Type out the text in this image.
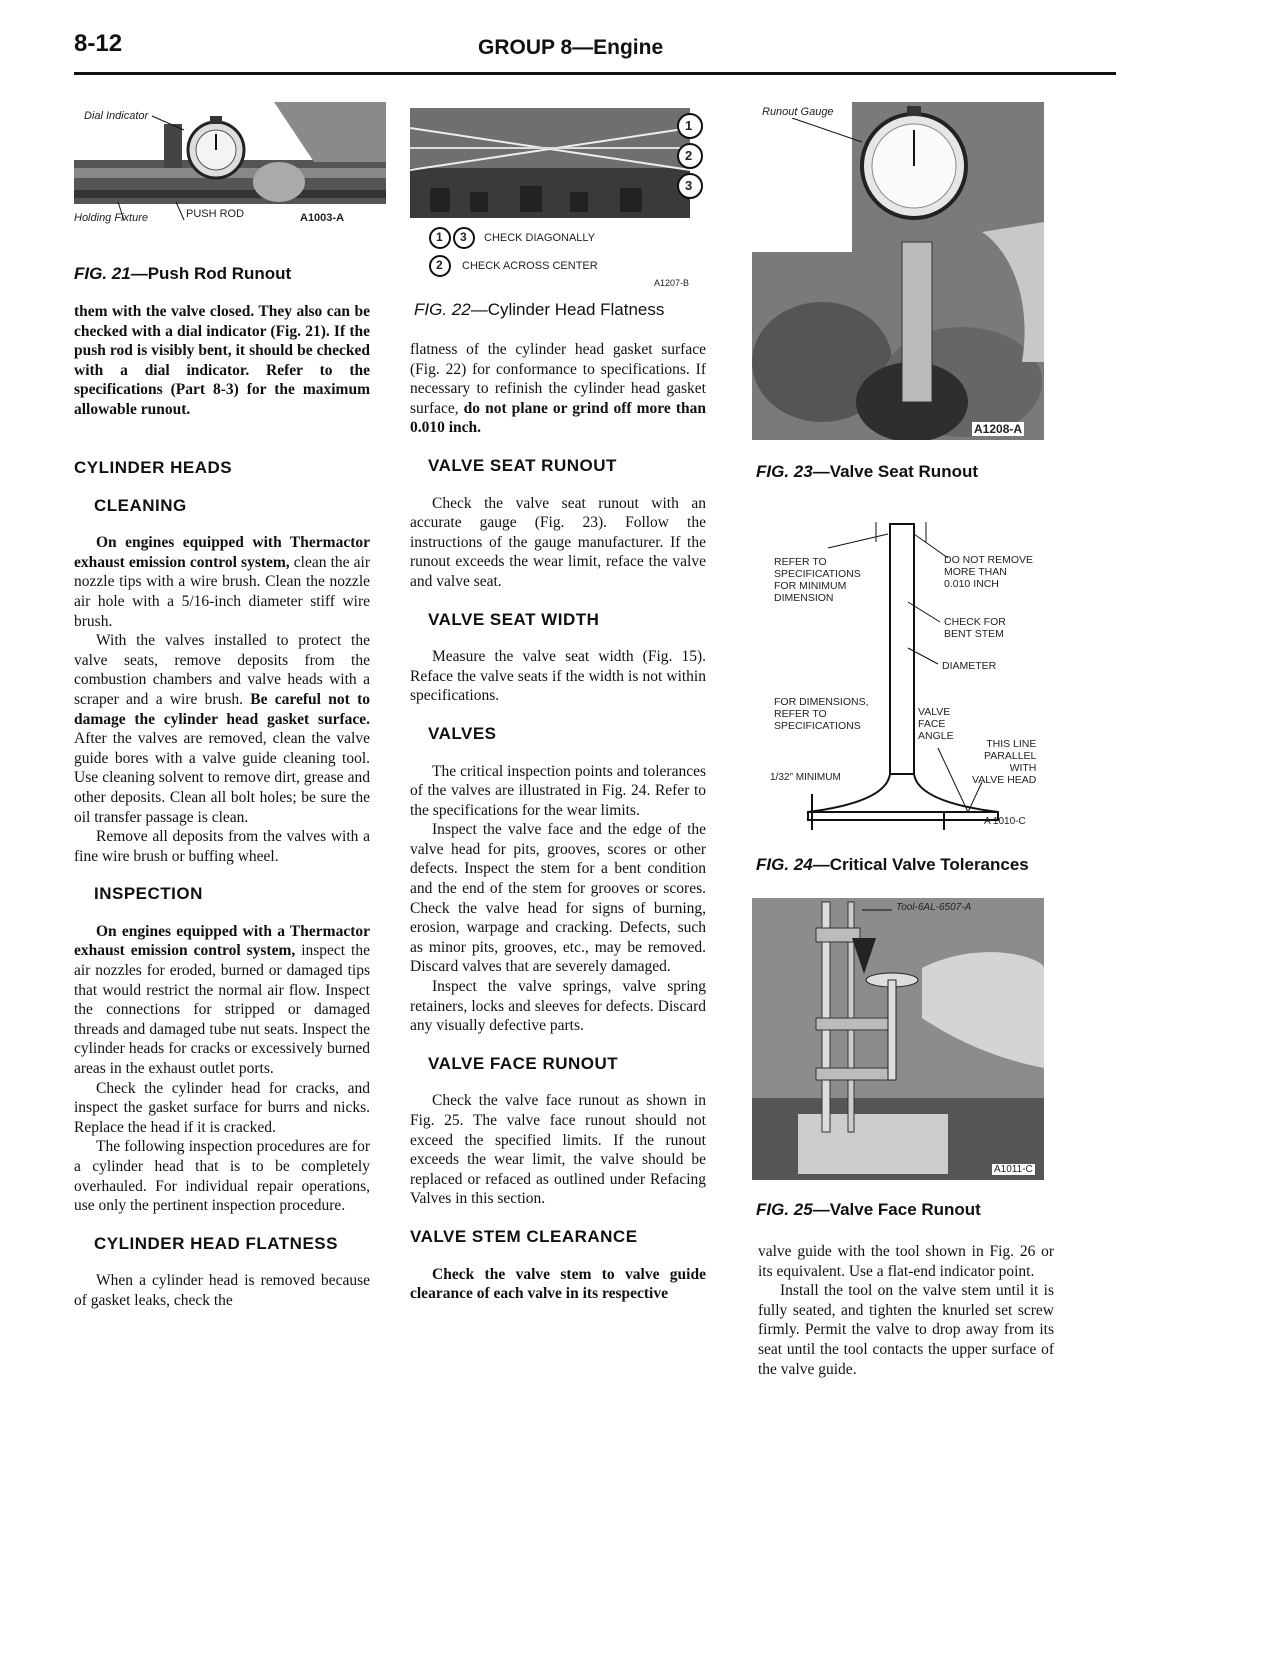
8-12	GROUP 8—Engine
Dial Indicator
Holding Fixture	PUSH ROD	A1003-A
FIG. 21—Push Rod Runout
1
2
3
1 3
2
CHECK DIAGONALLY
CHECK ACROSS CENTER
A1207-B
FIG. 22—Cylinder Head Flatness
Runout Gauge
A1208-A
FIG. 23—Valve Seat Runout
REFER TO
SPECIFICATIONS
FOR MINIMUM
DIMENSION
DO NOT REMOVE
MORE THAN
0.010 INCH
CHECK FOR
BENT STEM
DIAMETER
FOR DIMENSIONS,
REFER TO
SPECIFICATIONS
VALVE
FACE
ANGLE
THIS LINE
PARALLEL
WITH
VALVE HEAD
1/32" MINIMUM
A 1010-C
FIG. 24—Critical Valve Tolerances
Tool-6AL-6507-A
A1011-C
FIG. 25—Valve Face Runout

them with the valve closed. They also can be checked with a dial indicator (Fig. 21). If the push rod is visibly bent, it should be checked with a dial indicator. Refer to the specifications (Part 8-3) for the maximum allowable runout.

CYLINDER HEADS
CLEANING

On engines equipped with Thermactor exhaust emission control system, clean the air nozzle tips with a wire brush. Clean the nozzle air hole with a 5/16-inch diameter stiff wire brush.

With the valves installed to protect the valve seats, remove deposits from the combustion chambers and valve heads with a scraper and a wire brush. Be careful not to damage the cylinder head gasket surface. After the valves are removed, clean the valve guide bores with a valve guide cleaning tool. Use cleaning solvent to remove dirt, grease and other deposits. Clean all bolt holes; be sure the oil transfer passage is clean.

Remove all deposits from the valves with a fine wire brush or buffing wheel.

INSPECTION

On engines equipped with a Thermactor exhaust emission control system, inspect the air nozzles for eroded, burned or damaged tips that would restrict the normal air flow. Inspect the connections for stripped or damaged threads and damaged tube nut seats. Inspect the cylinder heads for cracks or excessively burned areas in the exhaust outlet ports.

Check the cylinder head for cracks, and inspect the gasket surface for burrs and nicks. Replace the head if it is cracked.

The following inspection procedures are for a cylinder head that is to be completely overhauled. For individual repair operations, use only the pertinent inspection procedure.

CYLINDER HEAD FLATNESS

When a cylinder head is removed because of gasket leaks, check the

flatness of the cylinder head gasket surface (Fig. 22) for conformance to specifications. If necessary to refinish the cylinder head gasket surface, do not plane or grind off more than 0.010 inch.

VALVE SEAT RUNOUT

Check the valve seat runout with an accurate gauge (Fig. 23). Follow the instructions of the gauge manufacturer. If the runout exceeds the wear limit, reface the valve and valve seat.

VALVE SEAT WIDTH

Measure the valve seat width (Fig. 15). Reface the valve seats if the width is not within specifications.

VALVES

The critical inspection points and tolerances of the valves are illustrated in Fig. 24. Refer to the specifications for the wear limits.

Inspect the valve face and the edge of the valve head for pits, grooves, scores or other defects. Inspect the stem for a bent condition and the end of the stem for grooves or scores. Check the valve head for signs of burning, erosion, warpage and cracking. Defects, such as minor pits, grooves, etc., may be removed. Discard valves that are severely damaged.

Inspect the valve springs, valve spring retainers, locks and sleeves for defects. Discard any visually defective parts.

VALVE FACE RUNOUT

Check the valve face runout as shown in Fig. 25. The valve face runout should not exceed the specified limits. If the runout exceeds the wear limit, the valve should be replaced or refaced as outlined under Refacing Valves in this section.

VALVE STEM CLEARANCE

Check the valve stem to valve guide clearance of each valve in its respective

valve guide with the tool shown in Fig. 26 or its equivalent. Use a flat-end indicator point.

Install the tool on the valve stem until it is fully seated, and tighten the knurled set screw firmly. Permit the valve to drop away from its seat until the tool contacts the upper surface of the valve guide.
